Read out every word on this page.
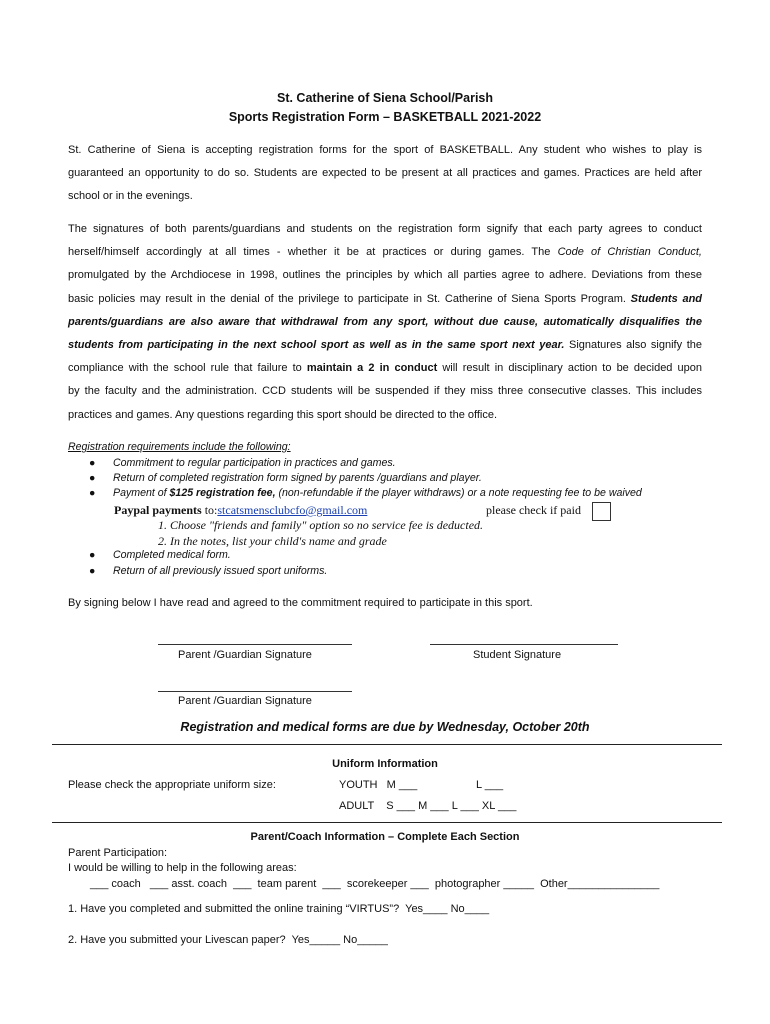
St. Catherine of Siena School/Parish
Sports Registration Form – BASKETBALL 2021-2022
St. Catherine of Siena is accepting registration forms for the sport of BASKETBALL. Any student who wishes to play is
guaranteed an opportunity to do so. Students are expected to be present at all practices and games. Practices are held after
school or in the evenings.
The signatures of both parents/guardians and students on the registration form signify that each party agrees to conduct
herself/himself accordingly at all times - whether it be at practices or during games. The Code of Christian Conduct,
promulgated by the Archdiocese in 1998, outlines the principles by which all parties agree to adhere. Deviations from these
basic policies may result in the denial of the privilege to participate in St. Catherine of Siena Sports Program. Students and
parents/guardians are also aware that withdrawal from any sport, without due cause, automatically disqualifies the
students from participating in the next school sport as well as in the same sport next year. Signatures also signify the
compliance with the school rule that failure to maintain a 2 in conduct will result in disciplinary action to be decided upon
by the faculty and the administration. CCD students will be suspended if they miss three consecutive classes. This includes
practices and games. Any questions regarding this sport should be directed to the office.
Registration requirements include the following:
● Commitment to regular participation in practices and games.
● Return of completed registration form signed by parents /guardians and player.
● Payment of $125 registration fee, (non-refundable if the player withdraws) or a note requesting fee to be waived
Paypal payments to:stcatsmensclubcfo@gmail.com	please check if paid
1. Choose "friends and family" option so no service fee is deducted.
2. In the notes, list your child's name and grade
● Completed medical form.
● Return of all previously issued sport uniforms.
By signing below I have read and agreed to the commitment required to participate in this sport.
Parent /Guardian Signature	Student Signature
Parent /Guardian Signature
Registration and medical forms are due by Wednesday, October 20th
Uniform Information
Please check the appropriate uniform size:	YOUTH   M ___	L ___
ADULT    S ___ M ___ L ___ XL ___
Parent/Coach Information – Complete Each Section
Parent Participation:
I would be willing to help in the following areas:
___ coach   ___ asst. coach  ___  team parent  ___  scorekeeper ___  photographer _____  Other_______________
1. Have you completed and submitted the online training “VIRTUS”?  Yes____ No____
2. Have you submitted your Livescan paper?  Yes_____ No_____
